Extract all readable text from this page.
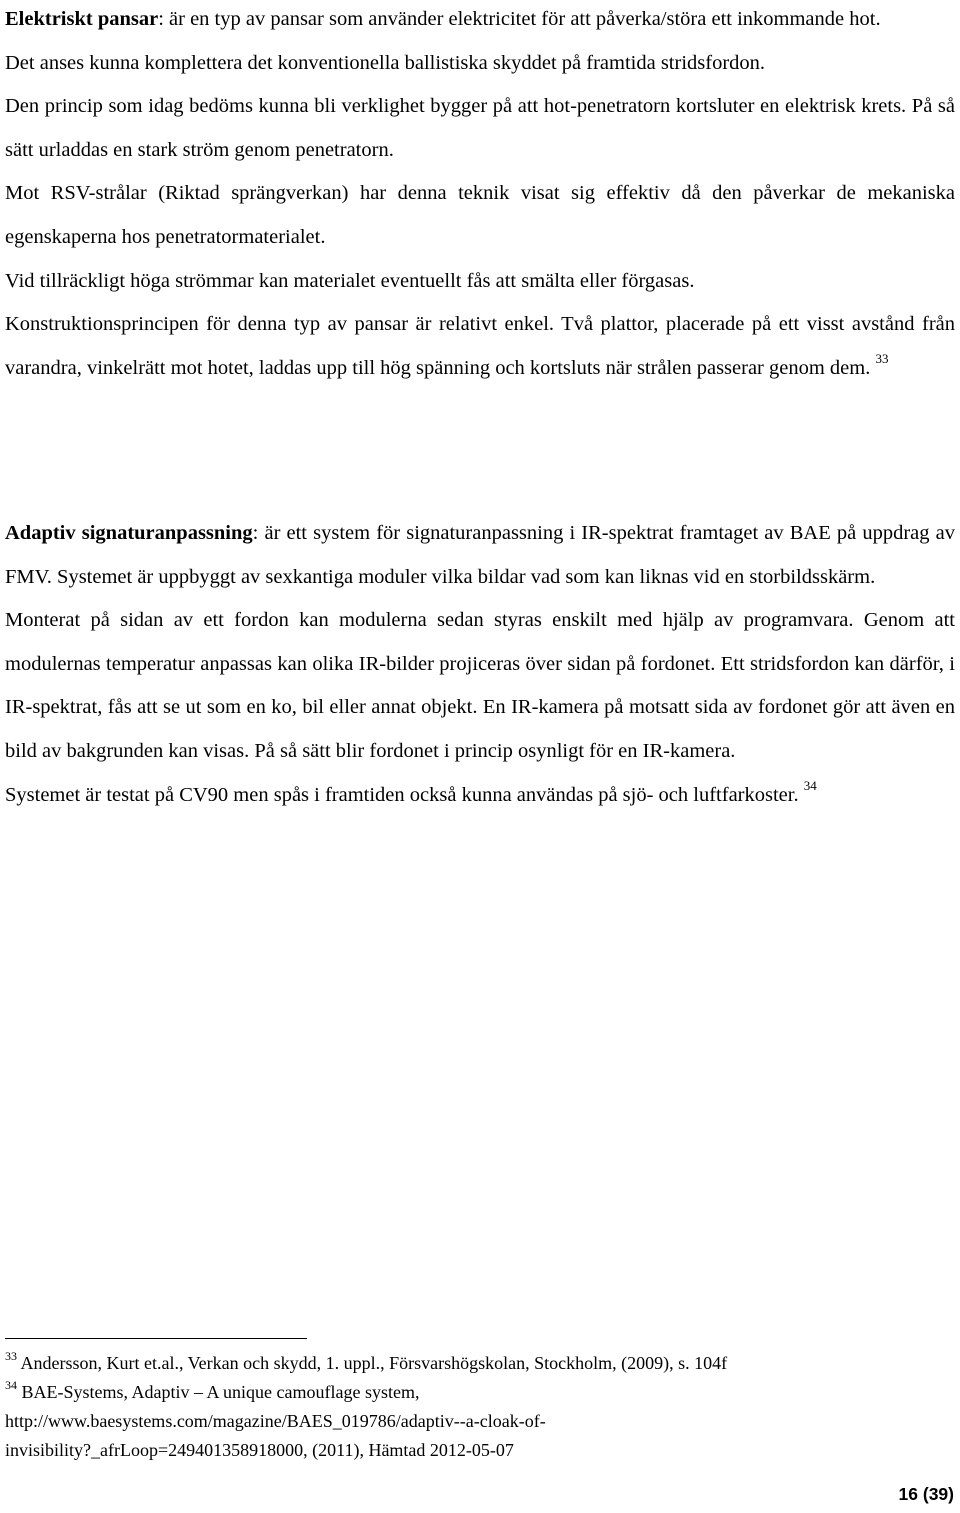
Elektriskt pansar: är en typ av pansar som använder elektricitet för att påverka/störa ett inkommande hot.

Det anses kunna komplettera det konventionella ballistiska skyddet på framtida stridsfordon.

Den princip som idag bedöms kunna bli verklighet bygger på att hot-penetratorn kortsluter en elektrisk krets. På så sätt urladdas en stark ström genom penetratorn.

Mot RSV-strålar (Riktad sprängverkan) har denna teknik visat sig effektiv då den påverkar de mekaniska egenskaperna hos penetratormaterialet.

Vid tillräckligt höga strömmar kan materialet eventuellt fås att smälta eller förgasas.

Konstruktionsprincipen för denna typ av pansar är relativt enkel. Två plattor, placerade på ett visst avstånd från varandra, vinkelrätt mot hotet, laddas upp till hög spänning och kortsluts när strålen passerar genom dem. $^{33}$

Adaptiv signaturanpassning: är ett system för signaturanpassning i IR-spektrat framtaget av BAE på uppdrag av FMV. Systemet är uppbyggt av sexkantiga moduler vilka bildar vad som kan liknas vid en storbildsskärm.

Monterat på sidan av ett fordon kan modulerna sedan styras enskilt med hjälp av programvara. Genom att modulernas temperatur anpassas kan olika IR-bilder projiceras över sidan på fordonet. Ett stridsfordon kan därför, i IR-spektrat, fås att se ut som en ko, bil eller annat objekt. En IR-kamera på motsatt sida av fordonet gör att även en bild av bakgrunden kan visas. På så sätt blir fordonet i princip osynligt för en IR-kamera.

Systemet är testat på CV90 men spås i framtiden också kunna användas på sjö- och luftfarkoster. $^{34}$

$^{33}$ Andersson, Kurt et.al., Verkan och skydd, 1. uppl., Försvarshögskolan, Stockholm, (2009), s. 104f

$^{34}$ BAE-Systems, Adaptiv – A unique camouflage system,

http://www.baesystems.com/magazine/BAES_019786/adaptiv--a-cloak-of-

invisibility?_afrLoop=249401358918000, (2011), Hämtad 2012-05-07

16 (39)
